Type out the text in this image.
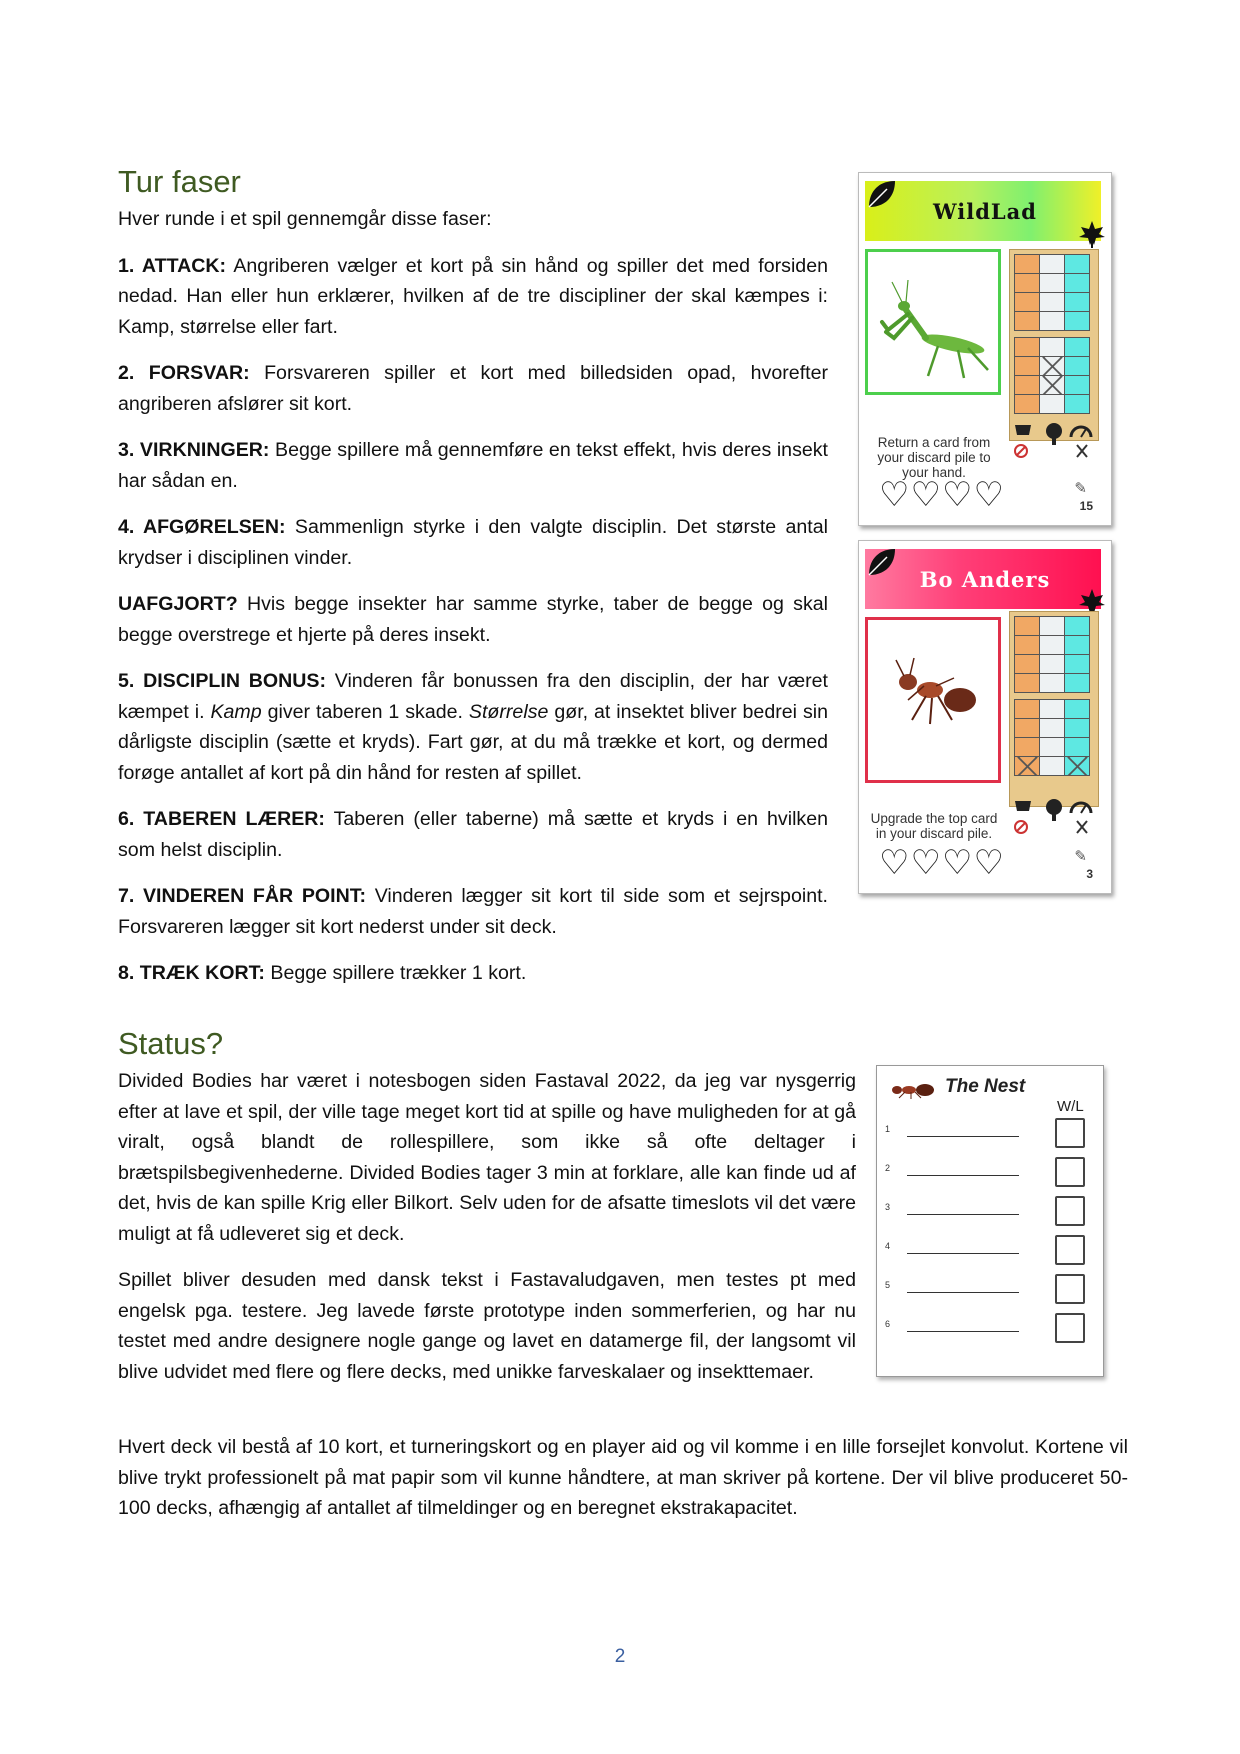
Tur faser

Hver runde i et spil gennemgår disse faser:

1. ATTACK: Angriberen vælger et kort på sin hånd og spiller det med forsiden nedad. Han eller hun erklærer, hvilken af de tre discipliner der skal kæmpes i: Kamp, størrelse eller fart.

2. FORSVAR: Forsvareren spiller et kort med billedsiden opad, hvorefter angriberen afslører sit kort.

3. VIRKNINGER: Begge spillere må gennemføre en tekst effekt, hvis deres insekt har sådan en.

4. AFGØRELSEN: Sammenlign styrke i den valgte disciplin. Det største antal krydser i disciplinen vinder.

UAFGJORT? Hvis begge insekter har samme styrke, taber de begge og skal begge overstrege et hjerte på deres insekt.

5. DISCIPLIN BONUS: Vinderen får bonussen fra den disciplin, der har været kæmpet i. Kamp giver taberen 1 skade. Størrelse gør, at insektet bliver bedrei sin dårligste disciplin (sætte et kryds). Fart gør, at du må trække et kort, og dermed forøge antallet af kort på din hånd for resten af spillet.

6. TABEREN LÆRER: Taberen (eller taberne) må sætte et kryds i en hvilken som helst disciplin.

7. VINDEREN FÅR POINT: Vinderen lægger sit kort til side som et sejrspoint. Forsvareren lægger sit kort nederst under sit deck.

8. TRÆK KORT: Begge spillere trækker 1 kort.

WildLad

Return a card from your discard pile to your hand.
♡♡♡♡	✎
15
Bo Anders

Upgrade the top card in your discard pile.
♡♡♡♡	✎
3
Status?

Divided Bodies har været i notesbogen siden Fastaval 2022, da jeg var nysgerrig efter at lave et spil, der ville tage meget kort tid at spille og have muligheden for at gå viralt, også blandt de rollespillere, som ikke så ofte deltager i brætspilsbegivenhederne. Divided Bodies tager 3 min at forklare, alle kan finde ud af det, hvis de kan spille Krig eller Bilkort. Selv uden for de afsatte timeslots vil det være muligt at få udleveret sig et deck.

Spillet bliver desuden med dansk tekst i Fastavaludgaven, men testes pt med engelsk pga. testere. Jeg lavede første prototype inden sommerferien, og har nu testet med andre designere nogle gange og lavet en datamerge fil, der langsomt vil blive udvidet med flere og flere decks, med unikke farveskalaer og insekttemaer.

Hvert deck vil bestå af 10 kort, et turneringskort og en player aid og vil komme i en lille forsejlet konvolut. Kortene vil blive trykt professionelt på mat papir som vil kunne håndtere, at man skriver på kortene. Der vil blive produceret 50-100 decks, afhængig af antallet af tilmeldinger og en beregnet ekstrakapacitet.

The Nest
W/L
1
2
3
4
5
6
2
